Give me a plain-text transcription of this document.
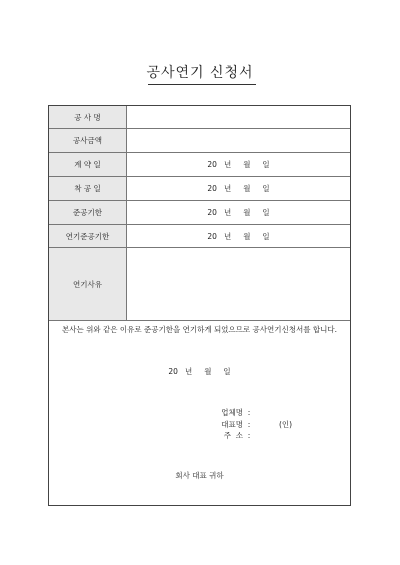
공사연기 신청서
공 사 명
공사금액
계 약 일	20   년     월     일
착 공 일	20   년     월     일
준공기한	20   년     월     일
연기준공기한	20   년     월     일
연기사유
본사는 위와 같은 이유로 준공기한을 연기하게 되었으므로 공사연기신청서를 합니다.
20   년     월     일
업체명 :
대표명 :	(인)
주  소 :
회사 대표 귀하
